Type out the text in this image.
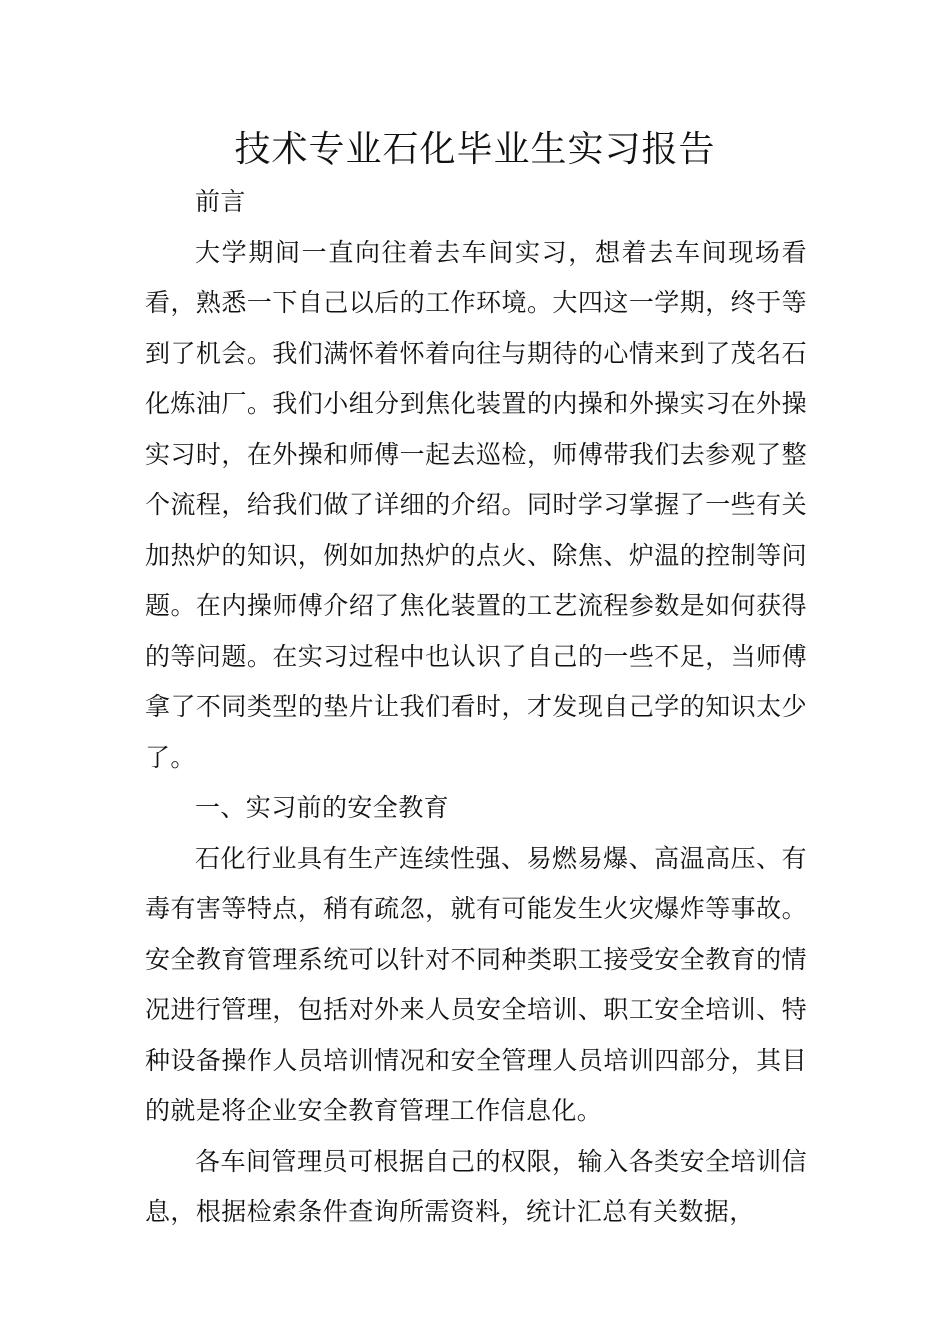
技术专业石化毕业生实习报告

前言

大学期间一直向往着去车间实习，想着去车间现场看看，熟悉一下自己以后的工作环境。大四这一学期，终于等到了机会。我们满怀着怀着向往与期待的心情来到了茂名石化炼油厂。我们小组分到焦化装置的内操和外操实习在外操实习时，在外操和师傅一起去巡检，师傅带我们去参观了整个流程，给我们做了详细的介绍。同时学习掌握了一些有关加热炉的知识，例如加热炉的点火、除焦、炉温的控制等问题。在内操师傅介绍了焦化装置的工艺流程参数是如何获得的等问题。在实习过程中也认识了自己的一些不足，当师傅拿了不同类型的垫片让我们看时，才发现自己学的知识太少了。

一、实习前的安全教育

石化行业具有生产连续性强、易燃易爆、高温高压、有毒有害等特点，稍有疏忽，就有可能发生火灾爆炸等事故。安全教育管理系统可以针对不同种类职工接受安全教育的情况进行管理，包括对外来人员安全培训、职工安全培训、特种设备操作人员培训情况和安全管理人员培训四部分，其目的就是将企业安全教育管理工作信息化。

各车间管理员可根据自己的权限，输入各类安全培训信息，根据检索条件查询所需资料，统计汇总有关数据，
